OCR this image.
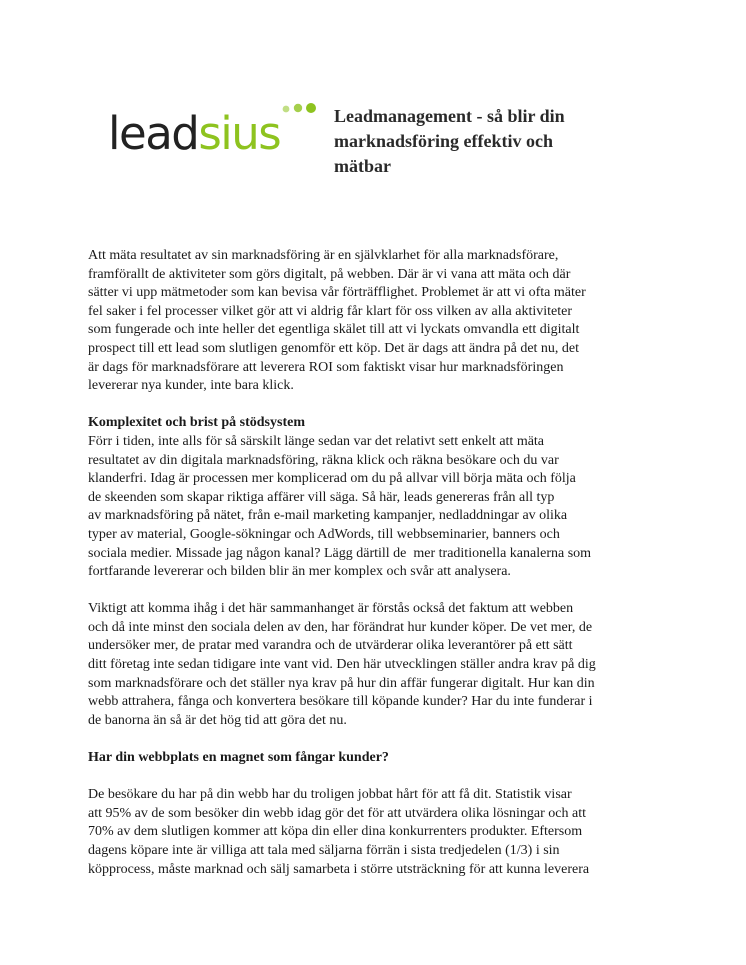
leadsius	Leadmanagement - så blir din
marknadsföring effektiv och
mätbar

Att mäta resultatet av sin marknadsföring är en självklarhet för alla marknadsförare,

framförallt de aktiviteter som görs digitalt, på webben. Där är vi vana att mäta och där

sätter vi upp mätmetoder som kan bevisa vår förträfflighet. Problemet är att vi ofta mäter

fel saker i fel processer vilket gör att vi aldrig får klart för oss vilken av alla aktiviteter

som fungerade och inte heller det egentliga skälet till att vi lyckats omvandla ett digitalt

prospect till ett lead som slutligen genomför ett köp. Det är dags att ändra på det nu, det

är dags för marknadsförare att leverera ROI som faktiskt visar hur marknadsföringen

levererar nya kunder, inte bara klick.

Komplexitet och brist på stödsystem

Förr i tiden, inte alls för så särskilt länge sedan var det relativt sett enkelt att mäta

resultatet av din digitala marknadsföring, räkna klick och räkna besökare och du var

klanderfri. Idag är processen mer komplicerad om du på allvar vill börja mäta och följa

de skeenden som skapar riktiga affärer vill säga. Så här, leads genereras från all typ

av marknadsföring på nätet, från e-mail marketing kampanjer, nedladdningar av olika

typer av material, Google-sökningar och AdWords, till webbseminarier, banners och

sociala medier. Missade jag någon kanal? Lägg därtill de  mer traditionella kanalerna som

fortfarande levererar och bilden blir än mer komplex och svår att analysera.

Viktigt att komma ihåg i det här sammanhanget är förstås också det faktum att webben

och då inte minst den sociala delen av den, har förändrat hur kunder köper. De vet mer, de

undersöker mer, de pratar med varandra och de utvärderar olika leverantörer på ett sätt

ditt företag inte sedan tidigare inte vant vid. Den här utvecklingen ställer andra krav på dig

som marknadsförare och det ställer nya krav på hur din affär fungerar digitalt. Hur kan din

webb attrahera, fånga och konvertera besökare till köpande kunder? Har du inte funderar i

de banorna än så är det hög tid att göra det nu.

Har din webbplats en magnet som fångar kunder?

De besökare du har på din webb har du troligen jobbat hårt för att få dit. Statistik visar

att 95% av de som besöker din webb idag gör det för att utvärdera olika lösningar och att

70% av dem slutligen kommer att köpa din eller dina konkurrenters produkter. Eftersom

dagens köpare inte är villiga att tala med säljarna förrän i sista tredjedelen (1/3) i sin

köpprocess, måste marknad och sälj samarbeta i större utsträckning för att kunna leverera
